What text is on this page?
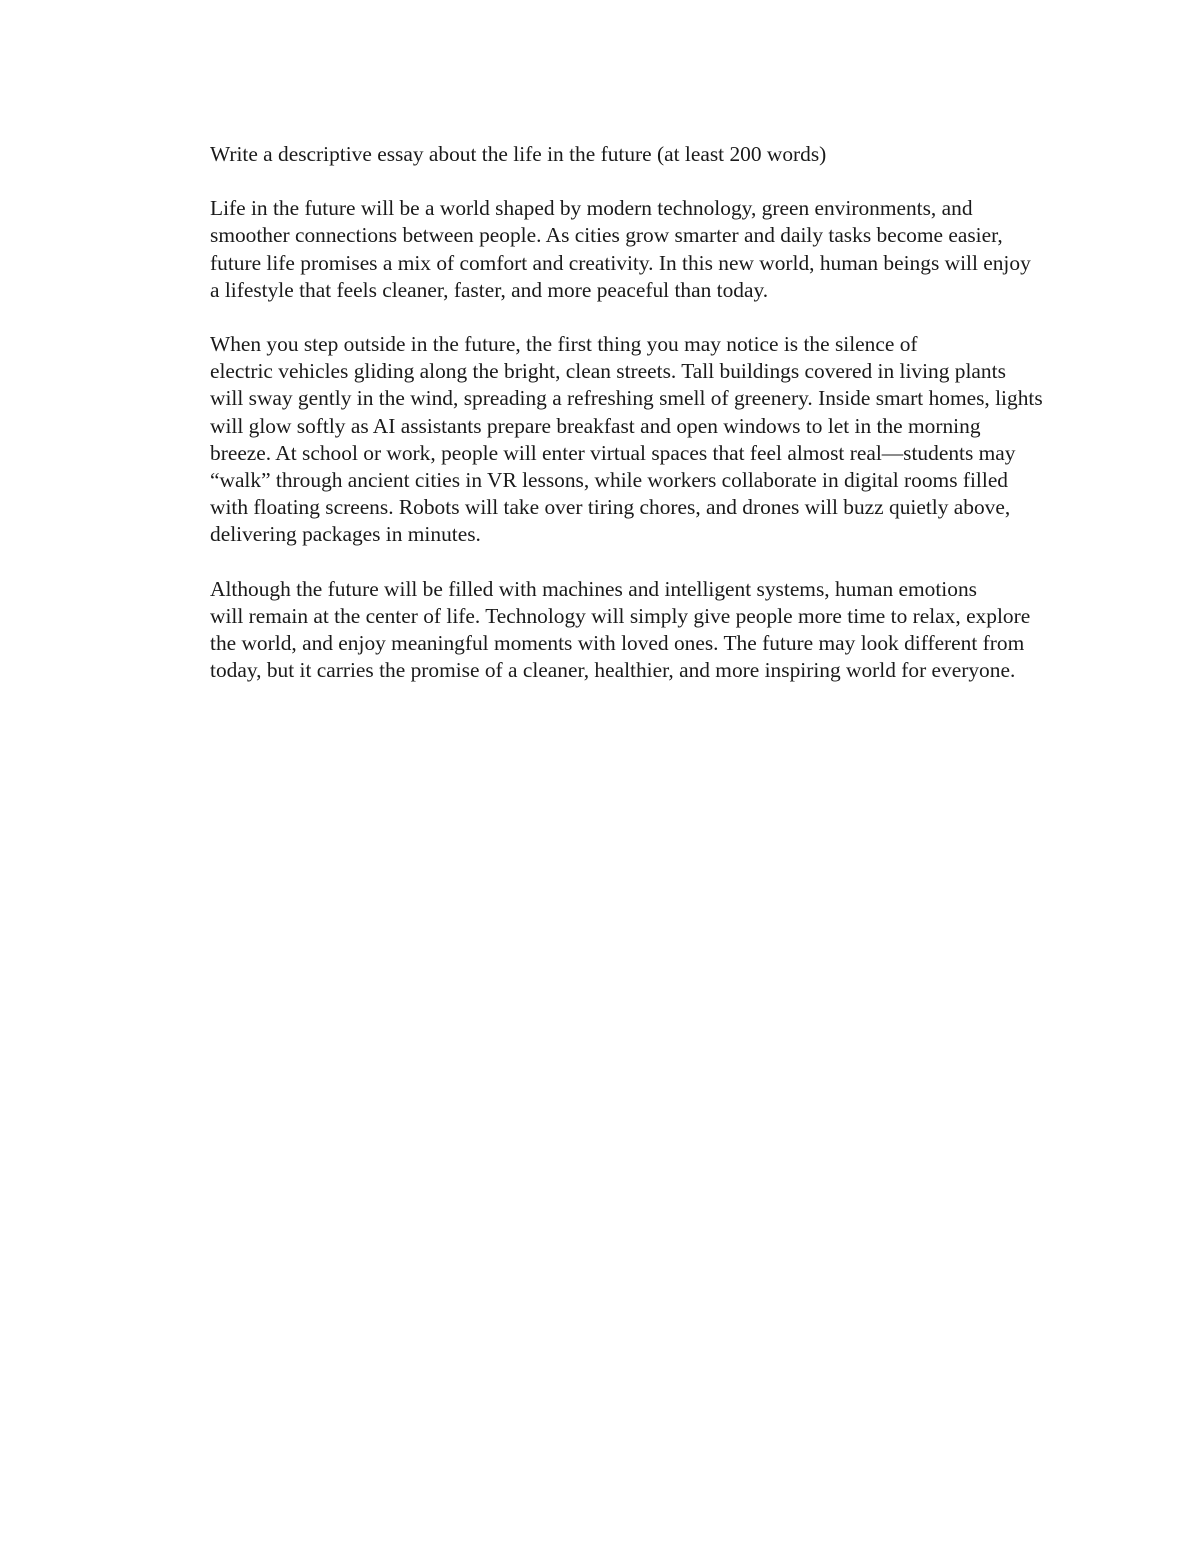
Write a descriptive essay about the life in the future (at least 200 words)

Life in the future will be a world shaped by modern technology, green environments, and
smoother connections between people. As cities grow smarter and daily tasks become easier,
future life promises a mix of comfort and creativity. In this new world, human beings will enjoy
a lifestyle that feels cleaner, faster, and more peaceful than today.

When you step outside in the future, the first thing you may notice is the silence of
electric vehicles gliding along the bright, clean streets. Tall buildings covered in living plants
will sway gently in the wind, spreading a refreshing smell of greenery. Inside smart homes, lights
will glow softly as AI assistants prepare breakfast and open windows to let in the morning
breeze. At school or work, people will enter virtual spaces that feel almost real—students may
“walk” through ancient cities in VR lessons, while workers collaborate in digital rooms filled
with floating screens. Robots will take over tiring chores, and drones will buzz quietly above,
delivering packages in minutes.

Although the future will be filled with machines and intelligent systems, human emotions
will remain at the center of life. Technology will simply give people more time to relax, explore
the world, and enjoy meaningful moments with loved ones. The future may look different from
today, but it carries the promise of a cleaner, healthier, and more inspiring world for everyone.
